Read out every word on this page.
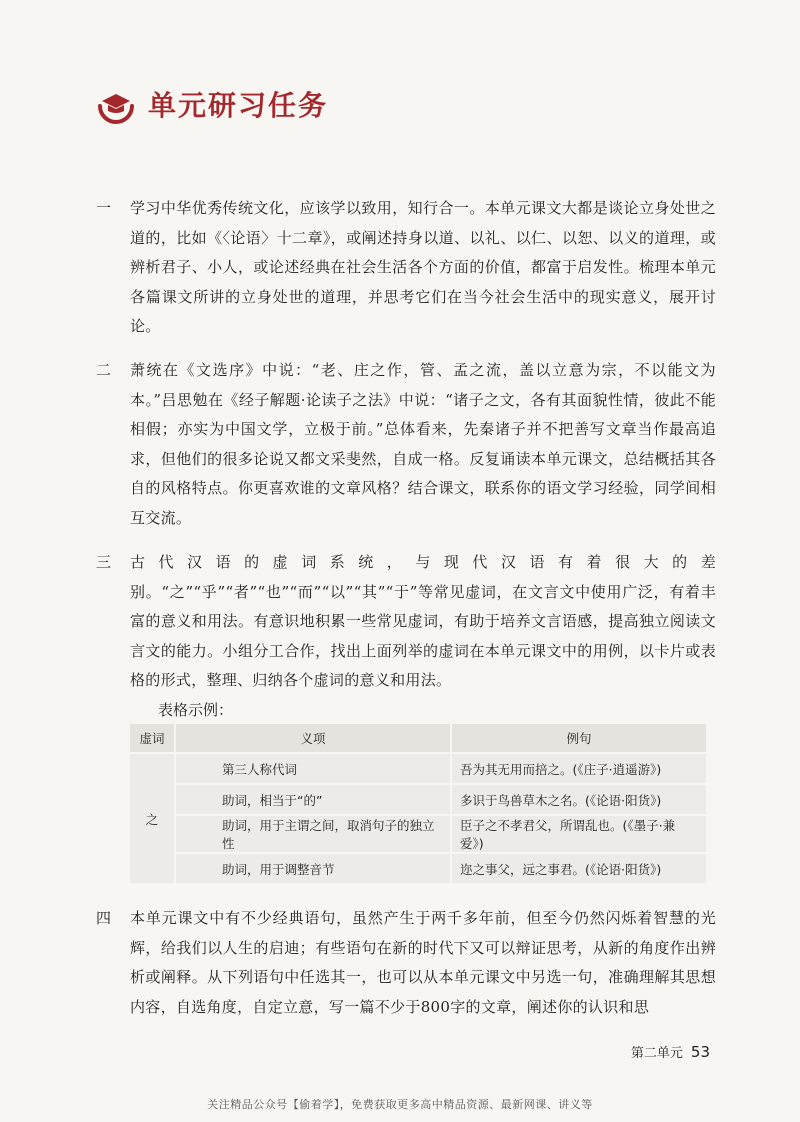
单元研习任务
一 学习中华优秀传统文化，应该学以致用，知行合一。本单元课文大都是谈论立身处世之道的，比如《〈论语〉十二章》，或阐述持身以道、以礼、以仁、以恕、以义的道理，或辨析君子、小人，或论述经典在社会生活各个方面的价值，都富于启发性。梳理本单元各篇课文所讲的立身处世的道理，并思考它们在当今社会生活中的现实意义，展开讨论。

二 萧统在《文选序》中说：“老、庄之作，管、孟之流，盖以立意为宗，不以能文为本。”吕思勉在《经子解题·论读子之法》中说：“诸子之文，各有其面貌性情，彼此不能相假；亦实为中国文学，立极于前。”总体看来，先秦诸子并不把善写文章当作最高追求，但他们的很多论说又都文采斐然，自成一格。反复诵读本单元课文，总结概括其各自的风格特点。你更喜欢谁的文章风格？结合课文，联系你的语文学习经验，同学间相互交流。

三 古代汉语的虚词系统，与现代汉语有着很大的差别。“之”“乎”“者”“也”“而”“以”“其”“于”等常见虚词，在文言文中使用广泛，有着丰富的意义和用法。有意识地积累一些常见虚词，有助于培养文言语感，提高独立阅读文言文的能力。小组分工合作，找出上面列举的虚词在本单元课文中的用例，以卡片或表格的形式，整理、归纳各个虚词的意义和用法。

表格示例：
虚词	义项	例句
之	第三人称代词	吾为其无用而掊之。(《庄子·逍遥游》)
	助词，相当于“的”	多识于鸟兽草木之名。(《论语·阳货》)
	助词，用于主谓之间，取消句子的独立性	臣子之不孝君父，所谓乱也。(《墨子·兼爱》)
	助词，用于调整音节	迩之事父，远之事君。(《论语·阳货》)
四 本单元课文中有不少经典语句，虽然产生于两千多年前，但至今仍然闪烁着智慧的光辉，给我们以人生的启迪；有些语句在新的时代下又可以辩证思考，从新的角度作出辨析或阐释。从下列语句中任选其一，也可以从本单元课文中另选一句，准确理解其思想内容，自选角度，自定立意，写一篇不少于800字的文章，阐述你的认识和思

第二单元 53
关注精品公众号【偷着学】，免费获取更多高中精品资源、最新网课、讲义等
